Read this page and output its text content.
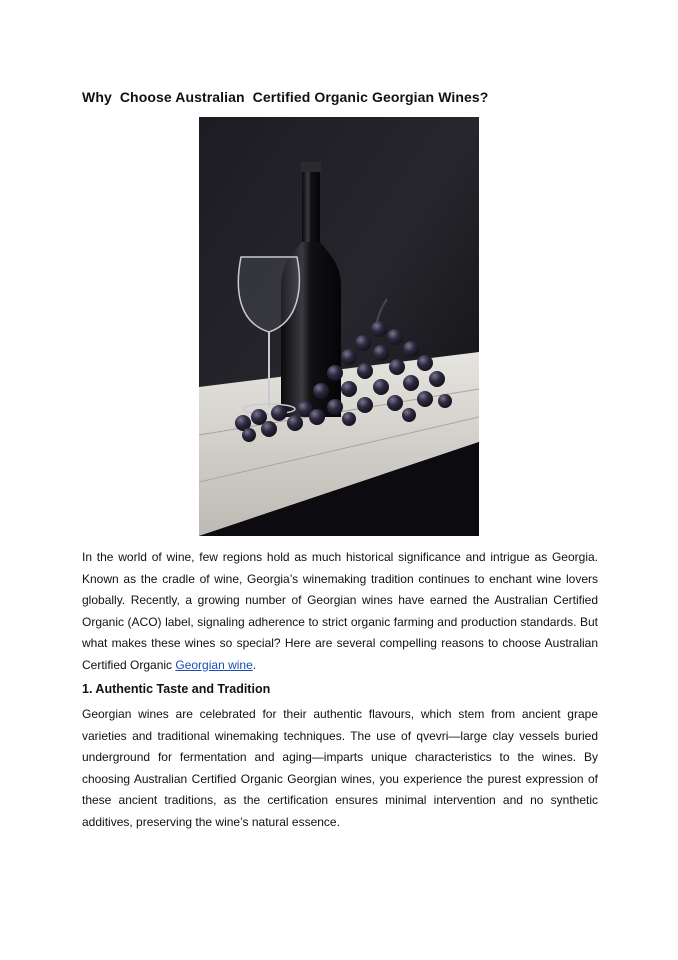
Why  Choose Australian  Certified Organic Georgian Wines?

In the world of wine, few regions hold as much historical significance and intrigue as Georgia. Known as the cradle of wine, Georgia’s winemaking tradition continues to enchant wine lovers globally. Recently, a growing number of Georgian wines have earned the Australian Certified Organic (ACO) label, signaling adherence to strict organic farming and production standards. But what makes these wines so special? Here are several compelling reasons to choose Australian Certified Organic Georgian wine.

1. Authentic Taste and Tradition

Georgian wines are celebrated for their authentic flavours, which stem from ancient grape varieties and traditional winemaking techniques. The use of qvevri—large clay vessels buried underground for fermentation and aging—imparts unique characteristics to the wines. By choosing Australian Certified Organic Georgian wines, you experience the purest expression of these ancient traditions, as the certification ensures minimal intervention and no synthetic additives, preserving the wine’s natural essence.
